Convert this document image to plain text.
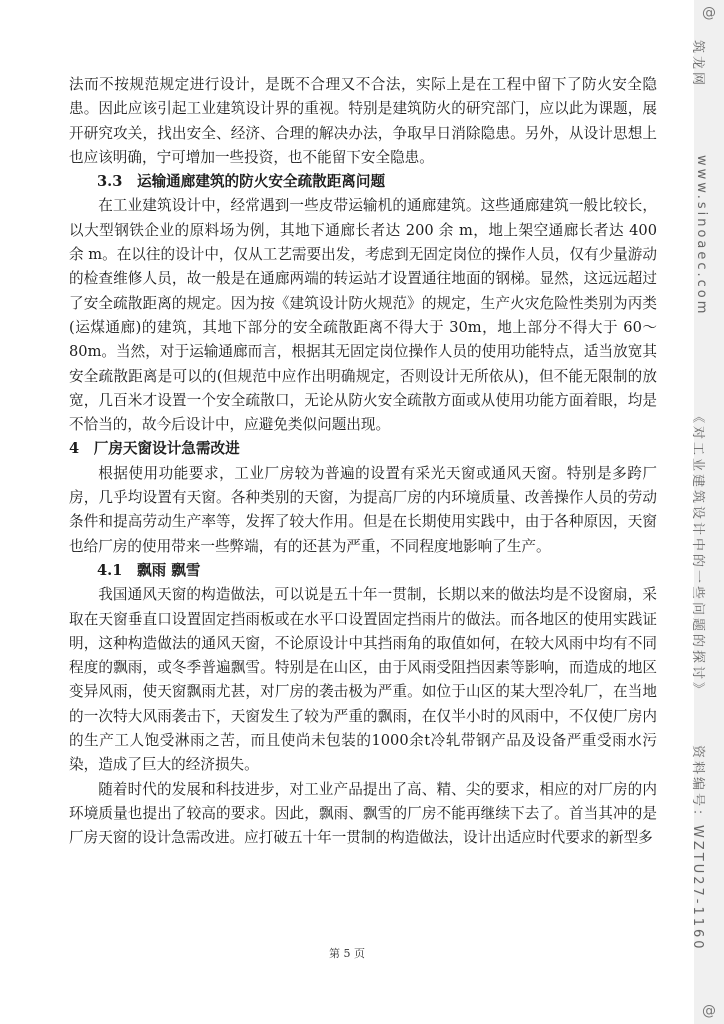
法而不按规范规定进行设计，是既不合理又不合法，实际上是在工程中留下了防火安全隐患。因此应该引起工业建筑设计界的重视。特别是建筑防火的研究部门，应以此为课题，展开研究攻关，找出安全、经济、合理的解决办法，争取早日消除隐患。另外，从设计思想上也应该明确，宁可增加一些投资，也不能留下安全隐患。

3.3　运输通廊建筑的防火安全疏散距离问题

在工业建筑设计中，经常遇到一些皮带运输机的通廊建筑。这些通廊建筑一般比较长，以大型钢铁企业的原料场为例，其地下通廊长者达 200 余 m，地上架空通廊长者达 400 余 m。在以往的设计中，仅从工艺需要出发，考虑到无固定岗位的操作人员，仅有少量游动的检查维修人员，故一般是在通廊两端的转运站才设置通往地面的钢梯。显然，这远远超过了安全疏散距离的规定。因为按《建筑设计防火规范》的规定，生产火灾危险性类别为丙类(运煤通廊)的建筑，其地下部分的安全疏散距离不得大于 30m，地上部分不得大于 60～80m。当然，对于运输通廊而言，根据其无固定岗位操作人员的使用功能特点，适当放宽其安全疏散距离是可以的(但规范中应作出明确规定，否则设计无所依从)，但不能无限制的放宽，几百米才设置一个安全疏散口，无论从防火安全疏散方面或从使用功能方面着眼，均是不恰当的，故今后设计中，应避免类似问题出现。

4　厂房天窗设计急需改进

根据使用功能要求，工业厂房较为普遍的设置有采光天窗或通风天窗。特别是多跨厂房，几乎均设置有天窗。各种类别的天窗，为提高厂房的内环境质量、改善操作人员的劳动条件和提高劳动生产率等，发挥了较大作用。但是在长期使用实践中，由于各种原因，天窗也给厂房的使用带来一些弊端，有的还甚为严重，不同程度地影响了生产。

4.1　飘雨 飘雪

我国通风天窗的构造做法，可以说是五十年一贯制，长期以来的做法均是不设窗扇，采取在天窗垂直口设置固定挡雨板或在水平口设置固定挡雨片的做法。而各地区的使用实践证明，这种构造做法的通风天窗，不论原设计中其挡雨角的取值如何，在较大风雨中均有不同程度的飘雨，或冬季普遍飘雪。特别是在山区，由于风雨受阻挡因素等影响，而造成的地区变异风雨，使天窗飘雨尤甚，对厂房的袭击极为严重。如位于山区的某大型冷轧厂，在当地的一次特大风雨袭击下，天窗发生了较为严重的飘雨，在仅半小时的风雨中，不仅使厂房内的生产工人饱受淋雨之苦，而且使尚未包装的1000余t冷轧带钢产品及设备严重受雨水污染，造成了巨大的经济损失。

随着时代的发展和科技进步，对工业产品提出了高、精、尖的要求，相应的对厂房的内环境质量也提出了较高的要求。因此，飘雨、飘雪的厂房不能再继续下去了。首当其冲的是厂房天窗的设计急需改进。应打破五十年一贯制的构造做法，设计出适应时代要求的新型多

第 5 页
@
筑龙网
www.sinoaec.com
《对工业建筑设计中的一些问题的探讨》
资料编号：WZTU27-1160
@
